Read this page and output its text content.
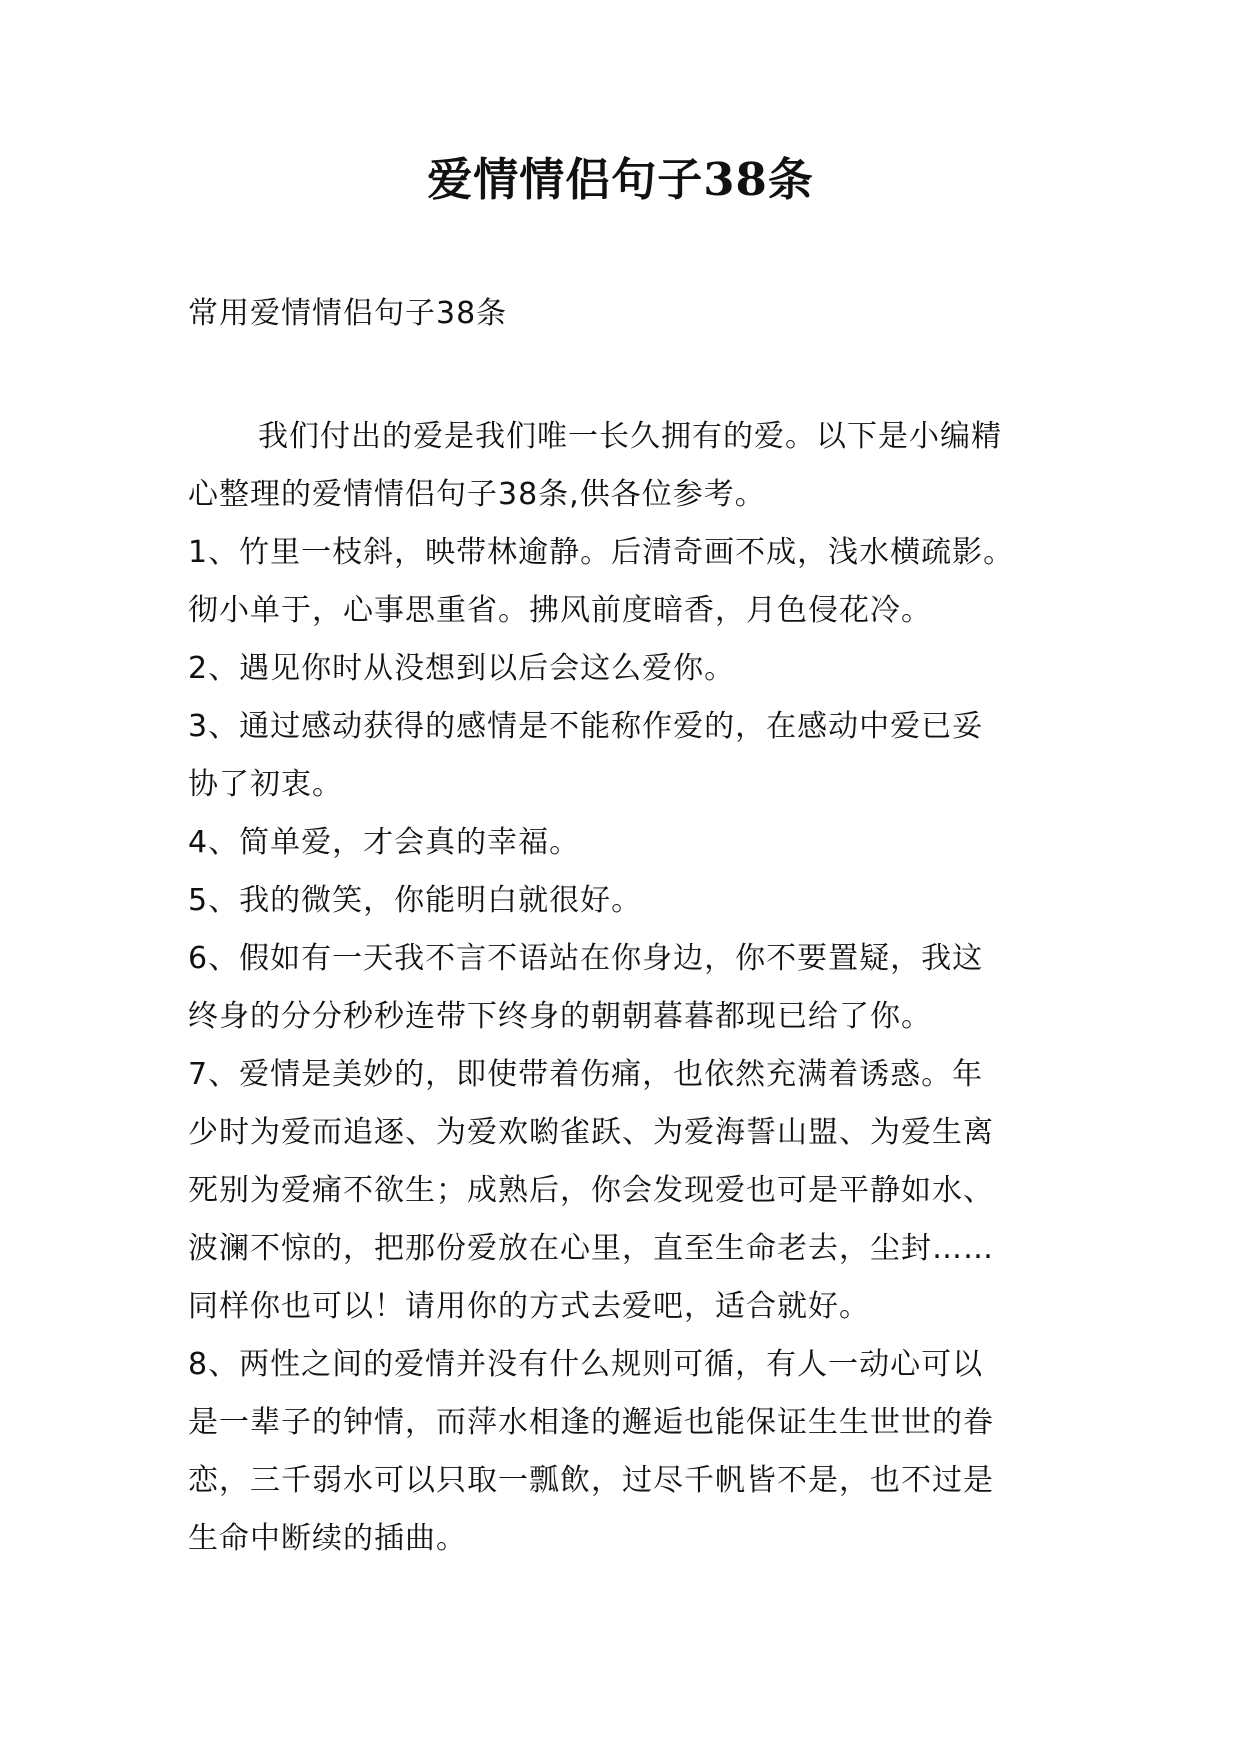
爱情情侣句子38条

常用爱情情侣句子38条

我们付出的爱是我们唯一长久拥有的爱。以下是小编精

心整理的爱情情侣句子38条,供各位参考。

1、竹里一枝斜，映带林逾静。后清奇画不成，浅水横疏影。

彻小单于，心事思重省。拂风前度暗香，月色侵花冷。

2、遇见你时从没想到以后会这么爱你。

3、通过感动获得的感情是不能称作爱的，在感动中爱已妥

协了初衷。

4、简单爱，才会真的幸福。

5、我的微笑，你能明白就很好。

6、假如有一天我不言不语站在你身边，你不要置疑，我这

终身的分分秒秒连带下终身的朝朝暮暮都现已给了你。

7、爱情是美妙的，即使带着伤痛，也依然充满着诱惑。年

少时为爱而追逐、为爱欢喲雀跃、为爱海誓山盟、为爱生离

死别为爱痛不欲生；成熟后，你会发现爱也可是平静如水、

波澜不惊的，把那份爱放在心里，直至生命老去，尘封……

同样你也可以！请用你的方式去爱吧，适合就好。

8、两性之间的爱情并没有什么规则可循，有人一动心可以

是一辈子的钟情，而萍水相逢的邂逅也能保证生生世世的眷

恋，三千弱水可以只取一瓢飲，过尽千帆皆不是，也不过是

生命中断续的插曲。
